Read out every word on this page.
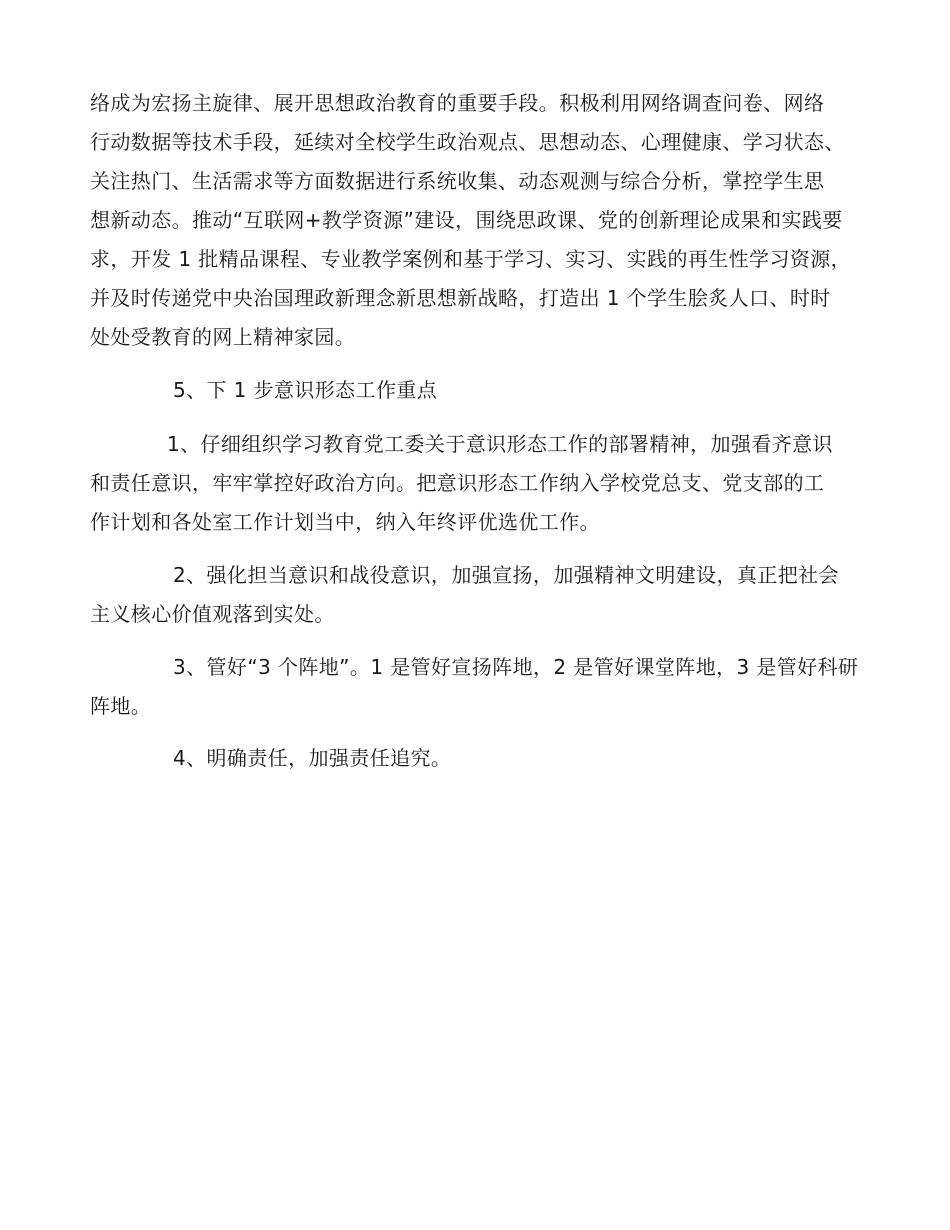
络成为宏扬主旋律、展开思想政治教育的重要手段。积极利用网络调查问卷、网络
行动数据等技术手段，延续对全校学生政治观点、思想动态、心理健康、学习状态、
关注热门、生活需求等方面数据进行系统收集、动态观测与综合分析，掌控学生思
想新动态。推动“互联网+教学资源”建设，围绕思政课、党的创新理论成果和实践要
求，开发 1 批精品课程、专业教学案例和基于学习、实习、实践的再生性学习资源，
并及时传递党中央治国理政新理念新思想新战略，打造出 1 个学生脍炙人口、时时
处处受教育的网上精神家园。
5、下 1 步意识形态工作重点
1、仔细组织学习教育党工委关于意识形态工作的部署精神，加强看齐意识
和责任意识，牢牢掌控好政治方向。把意识形态工作纳入学校党总支、党支部的工
作计划和各处室工作计划当中，纳入年终评优选优工作。
2、强化担当意识和战役意识，加强宣扬，加强精神文明建设，真正把社会
主义核心价值观落到实处。
3、管好“3 个阵地”。1 是管好宣扬阵地，2 是管好课堂阵地，3 是管好科研
阵地。
4、明确责任，加强责任追究。
